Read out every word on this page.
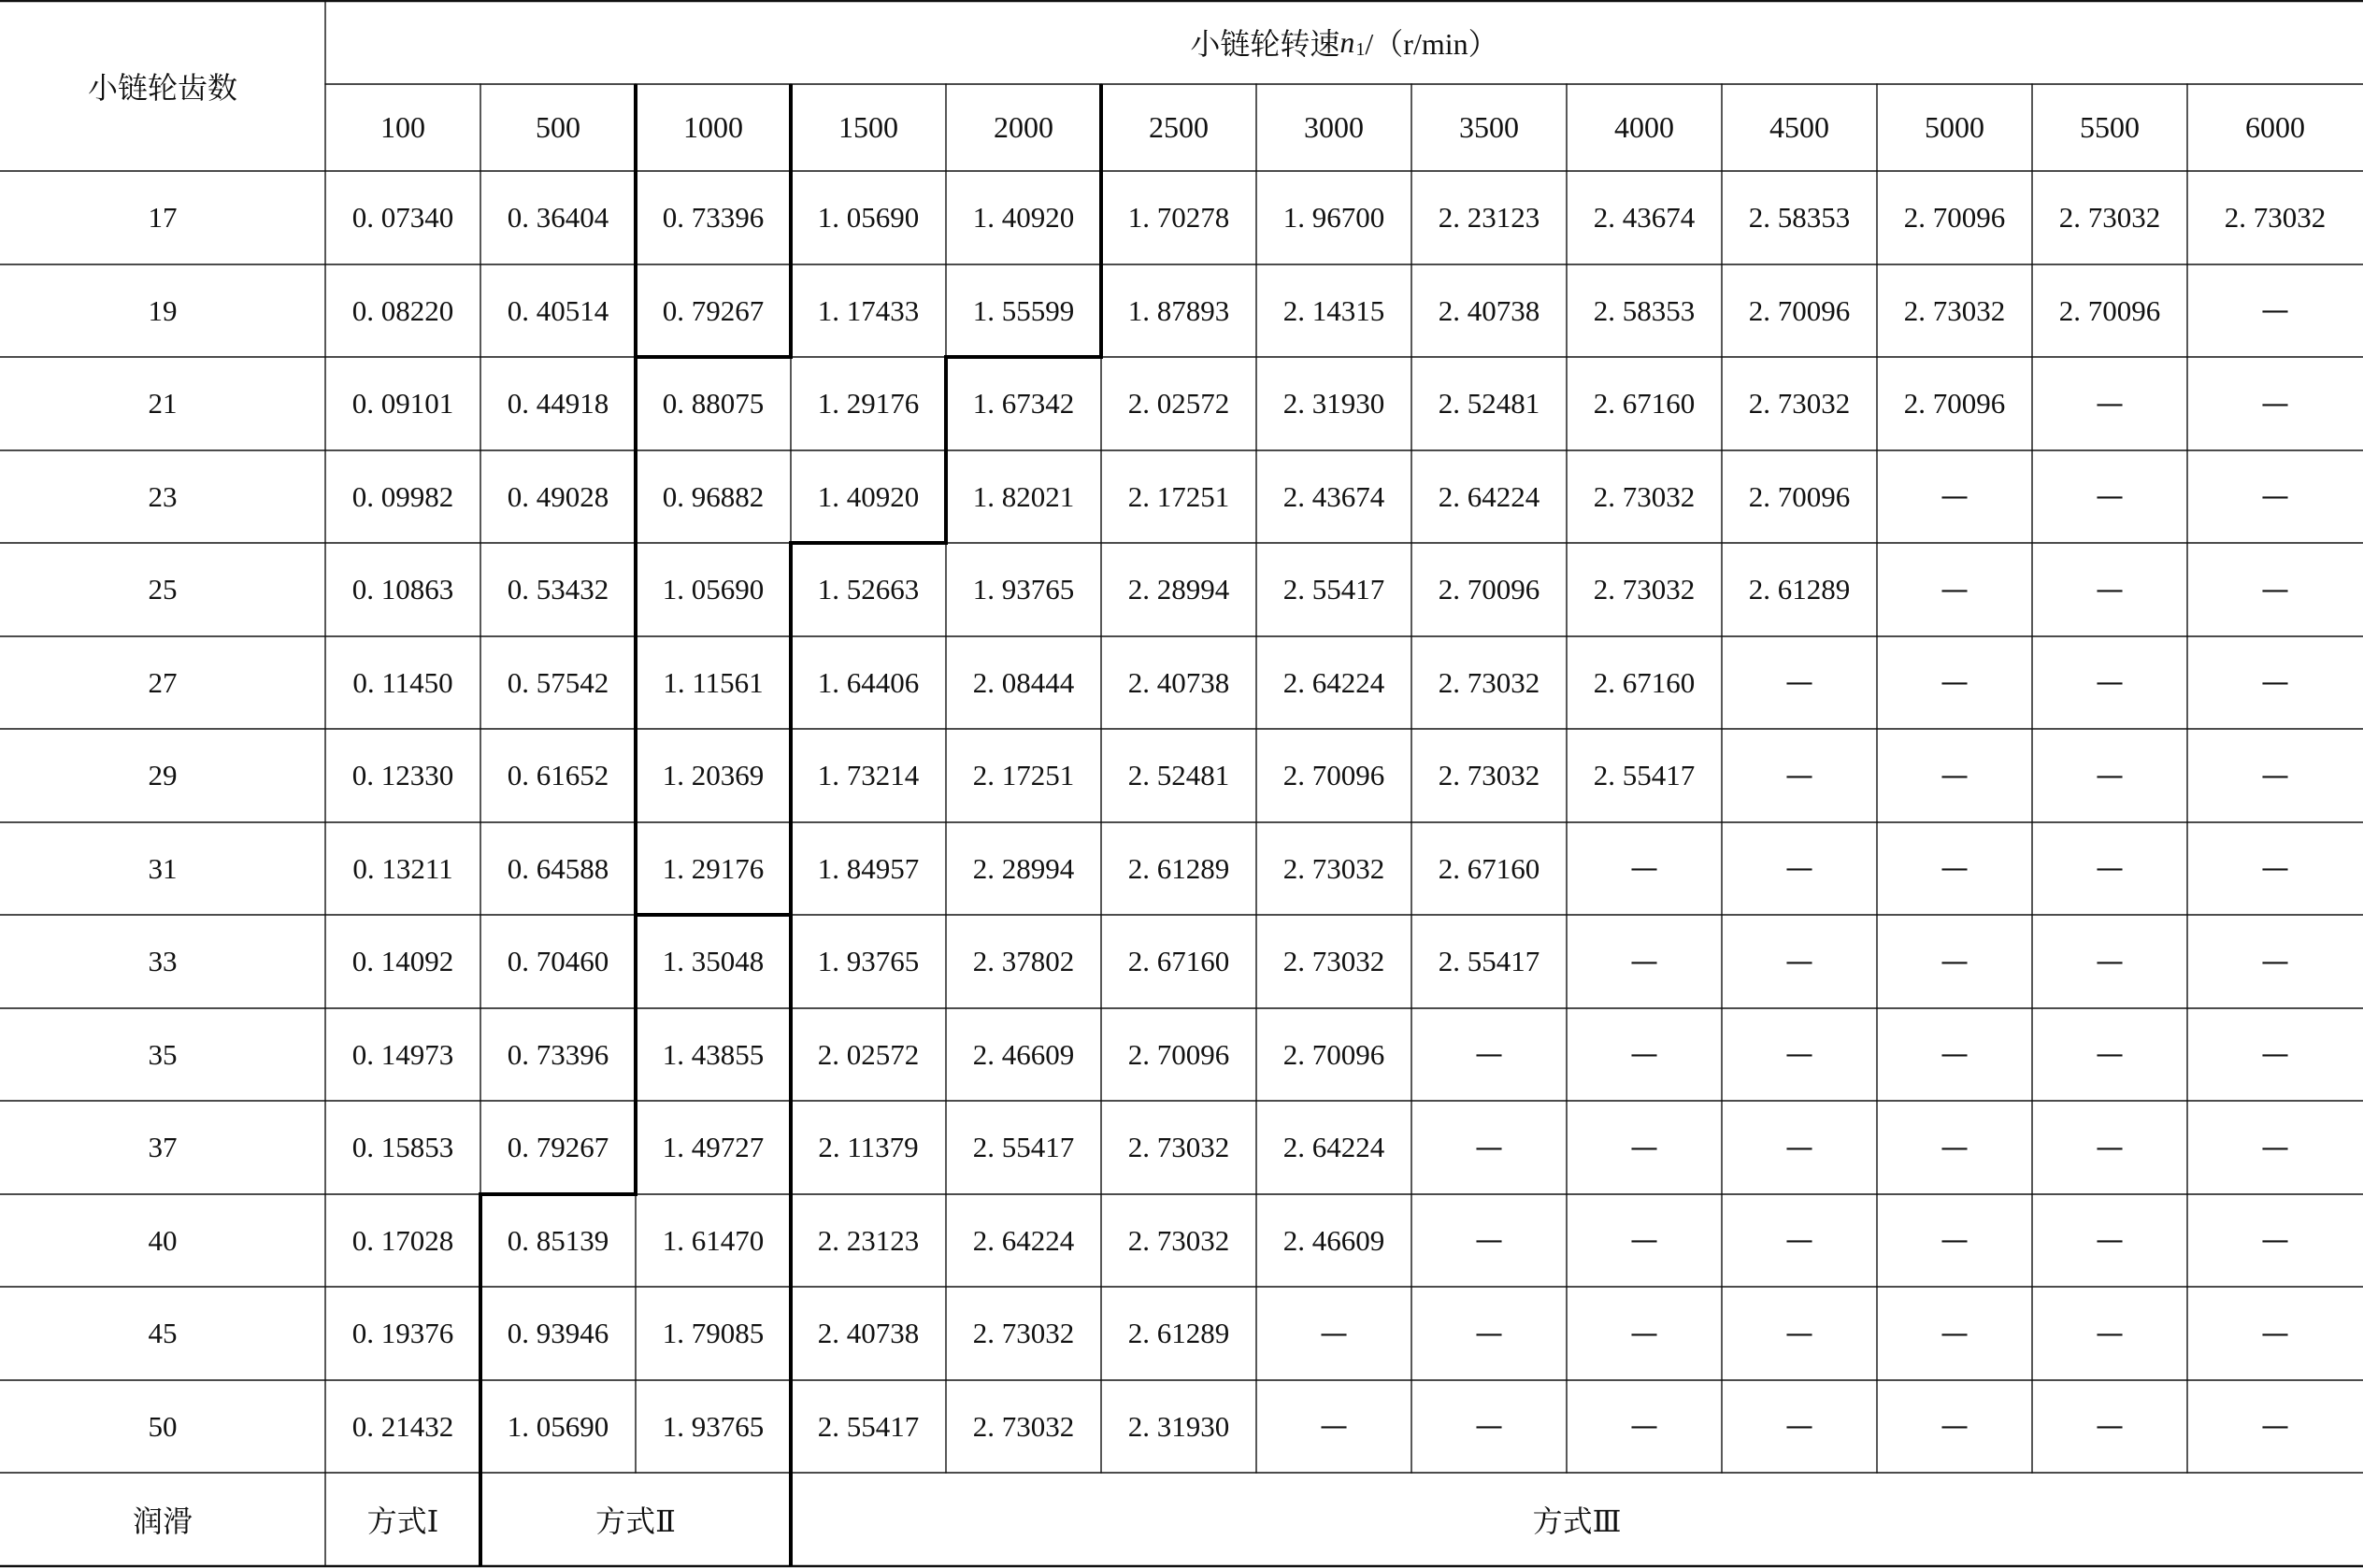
小链轮齿数
小链轮转速 n 1 /（r/min）
100	500	1000	1500	2000	2500	3000	3500	4000	4500	5000	5500	6000
17	0. 07340	0. 36404	0. 73396	1. 05690	1. 40920	1. 70278	1. 96700	2. 23123	2. 43674	2. 58353	2. 70096	2. 73032	2. 73032
19	0. 08220	0. 40514	0. 79267	1. 17433	1. 55599	1. 87893	2. 14315	2. 40738	2. 58353	2. 70096	2. 73032	2. 70096	—
21	0. 09101	0. 44918	0. 88075	1. 29176	1. 67342	2. 02572	2. 31930	2. 52481	2. 67160	2. 73032	2. 70096	—	—
23	0. 09982	0. 49028	0. 96882	1. 40920	1. 82021	2. 17251	2. 43674	2. 64224	2. 73032	2. 70096	—	—	—
25	0. 10863	0. 53432	1. 05690	1. 52663	1. 93765	2. 28994	2. 55417	2. 70096	2. 73032	2. 61289	—	—	—
27	0. 11450	0. 57542	1. 11561	1. 64406	2. 08444	2. 40738	2. 64224	2. 73032	2. 67160	—	—	—	—
29	0. 12330	0. 61652	1. 20369	1. 73214	2. 17251	2. 52481	2. 70096	2. 73032	2. 55417	—	—	—	—
31	0. 13211	0. 64588	1. 29176	1. 84957	2. 28994	2. 61289	2. 73032	2. 67160	—	—	—	—	—
33	0. 14092	0. 70460	1. 35048	1. 93765	2. 37802	2. 67160	2. 73032	2. 55417	—	—	—	—	—
35	0. 14973	0. 73396	1. 43855	2. 02572	2. 46609	2. 70096	2. 70096	—	—	—	—	—	—
37	0. 15853	0. 79267	1. 49727	2. 11379	2. 55417	2. 73032	2. 64224	—	—	—	—	—	—
40	0. 17028	0. 85139	1. 61470	2. 23123	2. 64224	2. 73032	2. 46609	—	—	—	—	—	—
45	0. 19376	0. 93946	1. 79085	2. 40738	2. 73032	2. 61289	—	—	—	—	—	—	—
50	0. 21432	1. 05690	1. 93765	2. 55417	2. 73032	2. 31930	—	—	—	—	—	—	—
润滑	方式Ⅰ	方式Ⅱ	方式Ⅲ
